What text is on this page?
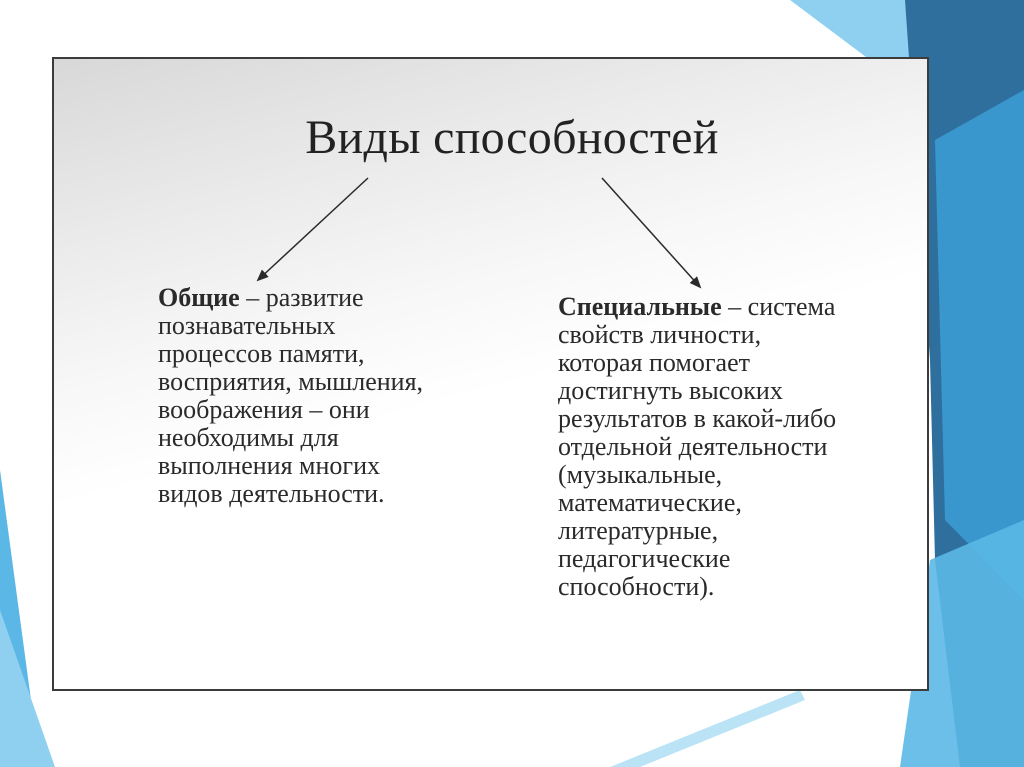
Виды способностей
Общие – развитие
познавательных
процессов памяти,
восприятия, мышления,
воображения – они
необходимы для
выполнения многих
видов деятельности.
Специальные – система
свойств личности,
которая помогает
достигнуть высоких
результатов в какой-либо
отдельной деятельности
(музыкальные,
математические,
литературные,
педагогические
способности).
